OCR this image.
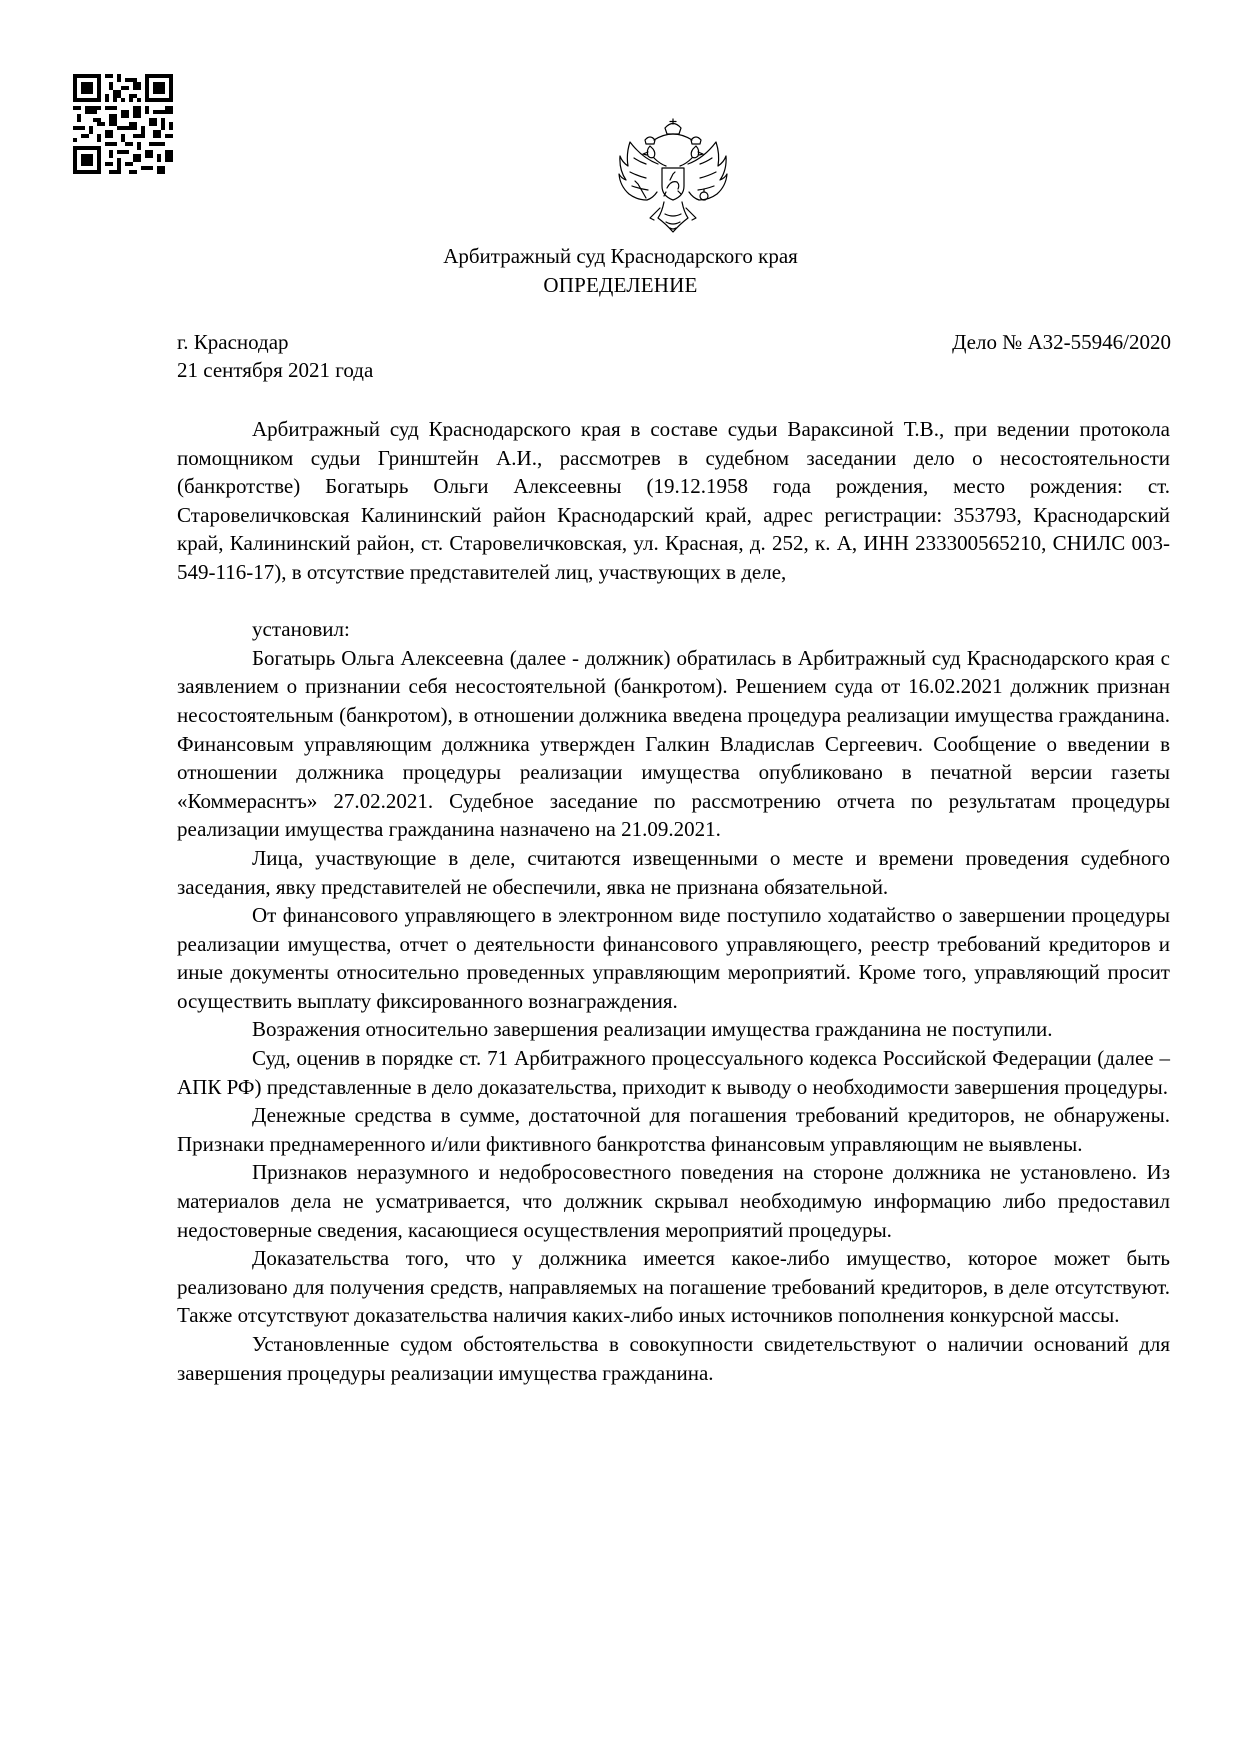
Арбитражный суд Краснодарского края
ОПРЕДЕЛЕНИЕ
г. Краснодар
21 сентября 2021 года
Дело № А32-55946/2020

Арбитражный суд Краснодарского края в составе судьи Вараксиной Т.В., при ведении протокола помощником судьи Гринштейн А.И., рассмотрев в судебном заседании дело о несостоятельности (банкротстве) Богатырь Ольги Алексеевны (19.12.1958 года рождения, место рождения: ст. Старовеличковская Калининский район Краснодарский край, адрес регистрации: 353793, Краснодарский край, Калининский район, ст. Старовеличковская, ул. Красная, д. 252, к. А, ИНН 233300565210, СНИЛС 003-549-116-17), в отсутствие представителей лиц, участвующих в деле,

установил:

Богатырь Ольга Алексеевна (далее - должник) обратилась в Арбитражный суд Краснодарского края с заявлением о признании себя несостоятельной (банкротом). Решением суда от 16.02.2021 должник признан несостоятельным (банкротом), в отношении должника введена процедура реализации имущества гражданина. Финансовым управляющим должника утвержден Галкин Владислав Сергеевич. Сообщение о введении в отношении должника процедуры реализации имущества опубликовано в печатной версии газеты «Коммераснтъ» 27.02.2021. Судебное заседание по рассмотрению отчета по результатам процедуры реализации имущества гражданина назначено на 21.09.2021.

Лица, участвующие в деле, считаются извещенными о месте и времени проведения судебного заседания, явку представителей не обеспечили, явка не признана обязательной.

От финансового управляющего в электронном виде поступило ходатайство о завершении процедуры реализации имущества, отчет о деятельности финансового управляющего, реестр требований кредиторов и иные документы относительно проведенных управляющим мероприятий. Кроме того, управляющий просит осуществить выплату фиксированного вознаграждения.

Возражения относительно завершения реализации имущества гражданина не поступили.

Суд, оценив в порядке ст. 71 Арбитражного процессуального кодекса Российской Федерации (далее – АПК РФ) представленные в дело доказательства, приходит к выводу о необходимости завершения процедуры.

Денежные средства в сумме, достаточной для погашения требований кредиторов, не обнаружены. Признаки преднамеренного и/или фиктивного банкротства финансовым управляющим не выявлены.

Признаков неразумного и недобросовестного поведения на стороне должника не установлено. Из материалов дела не усматривается, что должник скрывал необходимую информацию либо предоставил недостоверные сведения, касающиеся осуществления мероприятий процедуры.

Доказательства того, что у должника имеется какое-либо имущество, которое может быть реализовано для получения средств, направляемых на погашение требований кредиторов, в деле отсутствуют. Также отсутствуют доказательства наличия каких-либо иных источников пополнения конкурсной массы.

Установленные судом обстоятельства в совокупности свидетельствуют о наличии оснований для завершения процедуры реализации имущества гражданина.
